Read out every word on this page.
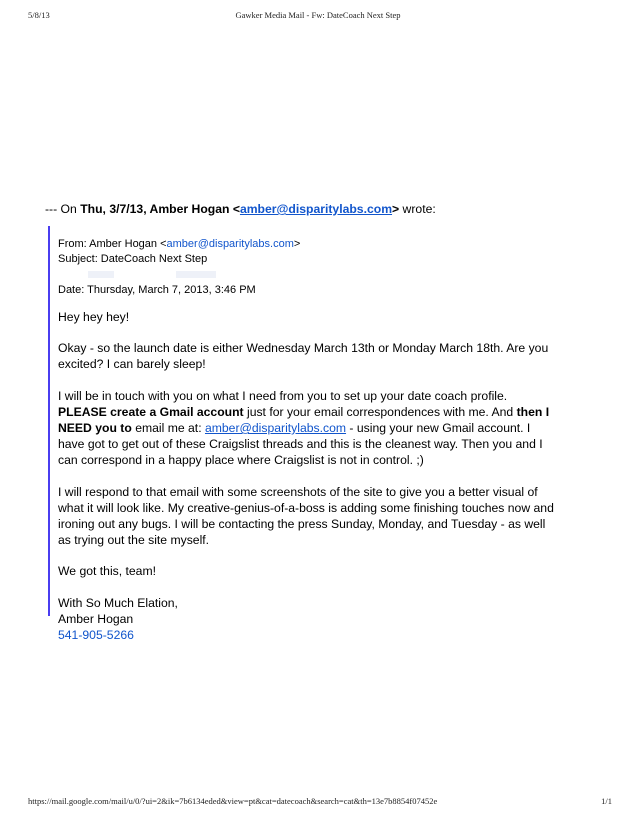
5/8/13	Gawker Media Mail - Fw: DateCoach Next Step
--- On Thu, 3/7/13, Amber Hogan <amber@disparitylabs.com> wrote:
From: Amber Hogan <amber@disparitylabs.com>
Subject: DateCoach Next Step
Date: Thursday, March 7, 2013, 3:46 PM

Hey hey hey!

Okay - so the launch date is either Wednesday March 13th or Monday March 18th. Are you excited? I can barely sleep!

I will be in touch with you on what I need from you to set up your date coach profile. PLEASE create a Gmail account just for your email correspondences with me. And then I NEED you to email me at: amber@disparitylabs.com - using your new Gmail account. I have got to get out of these Craigslist threads and this is the cleanest way. Then you and I can correspond in a happy place where Craigslist is not in control. ;)

I will respond to that email with some screenshots of the site to give you a better visual of what it will look like. My creative-genius-of-a-boss is adding some finishing touches now and ironing out any bugs. I will be contacting the press Sunday, Monday, and Tuesday - as well as trying out the site myself.

We got this, team!

With So Much Elation,

Amber Hogan

541-905-5266

https://mail.google.com/mail/u/0/?ui=2&ik=7b6134eded&view=pt&cat=datecoach&search=cat&th=13e7b8854f07452e	1/1
